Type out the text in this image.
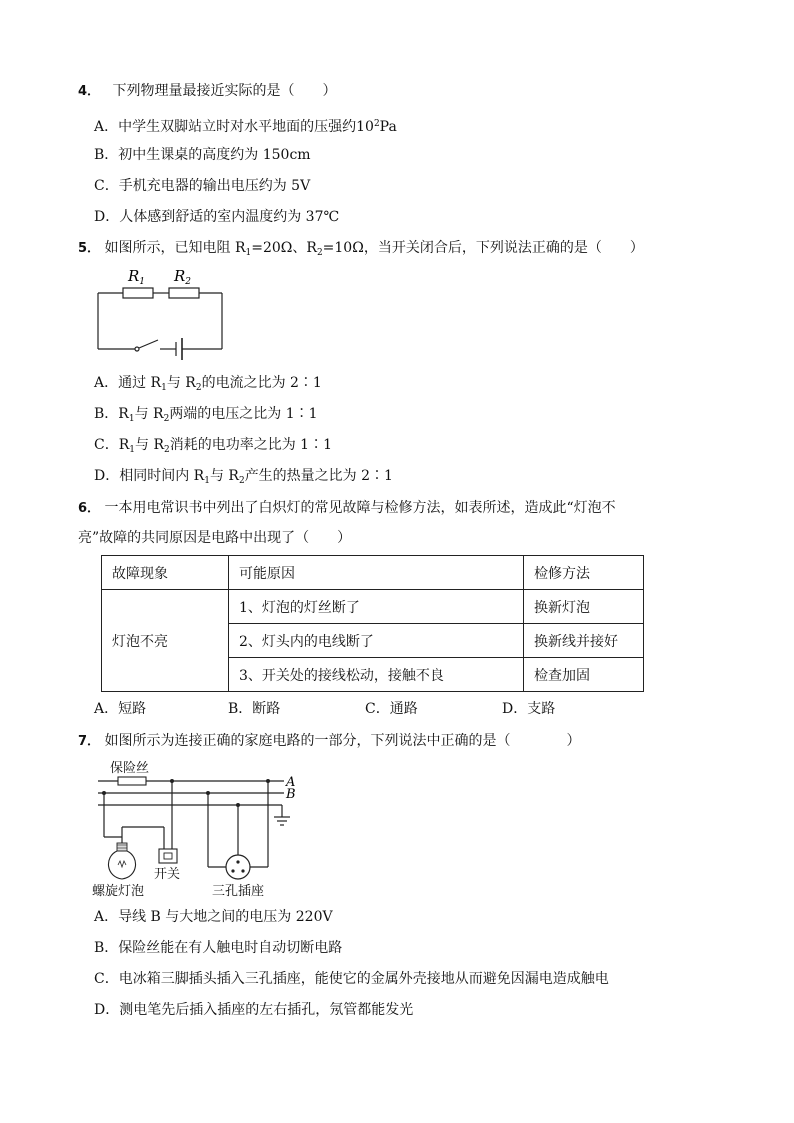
4． 下列物理量最接近实际的是（　　）
A．中学生双脚站立时对水平地面的压强约$10^2Pa$
B．初中生课桌的高度约为 150cm
C．手机充电器的输出电压约为 5V
D．人体感到舒适的室内温度约为 37℃
5． 如图所示，已知电阻 $R_1=20\Omega$、$R_2=10\Omega$，当开关闭合后，下列说法正确的是（　　）
$R_1$ $R_2$
A．通过 $R_1$与 $R_2$的电流之比为 2∶1
B．$R_1$与 $R_2$两端的电压之比为 1∶1
C．$R_1$与 $R_2$消耗的电功率之比为 1∶1
D．相同时间内 $R_1$与 $R_2$产生的热量之比为 2∶1
6． 一本用电常识书中列出了白炽灯的常见故障与检修方法，如表所述，造成此“灯泡不
亮”故障的共同原因是电路中出现了（　　）
故障现象	可能原因	检修方法
灯泡不亮	1、灯泡的灯丝断了	换新灯泡
	2、灯头内的电线断了	换新线并接好
	3、开关处的接线松动，接触不良	检查加固
A．短路	B．断路	C．通路	D．支路
7． 如图所示为连接正确的家庭电路的一部分，下列说法中正确的是（　　　　）
保险丝
A
B
螺旋灯泡
开关
三孔插座
A．导线 B 与大地之间的电压为 220V
B．保险丝能在有人触电时自动切断电路
C．电冰箱三脚插头插入三孔插座，能使它的金属外壳接地从而避免因漏电造成触电
D．测电笔先后插入插座的左右插孔，氖管都能发光
